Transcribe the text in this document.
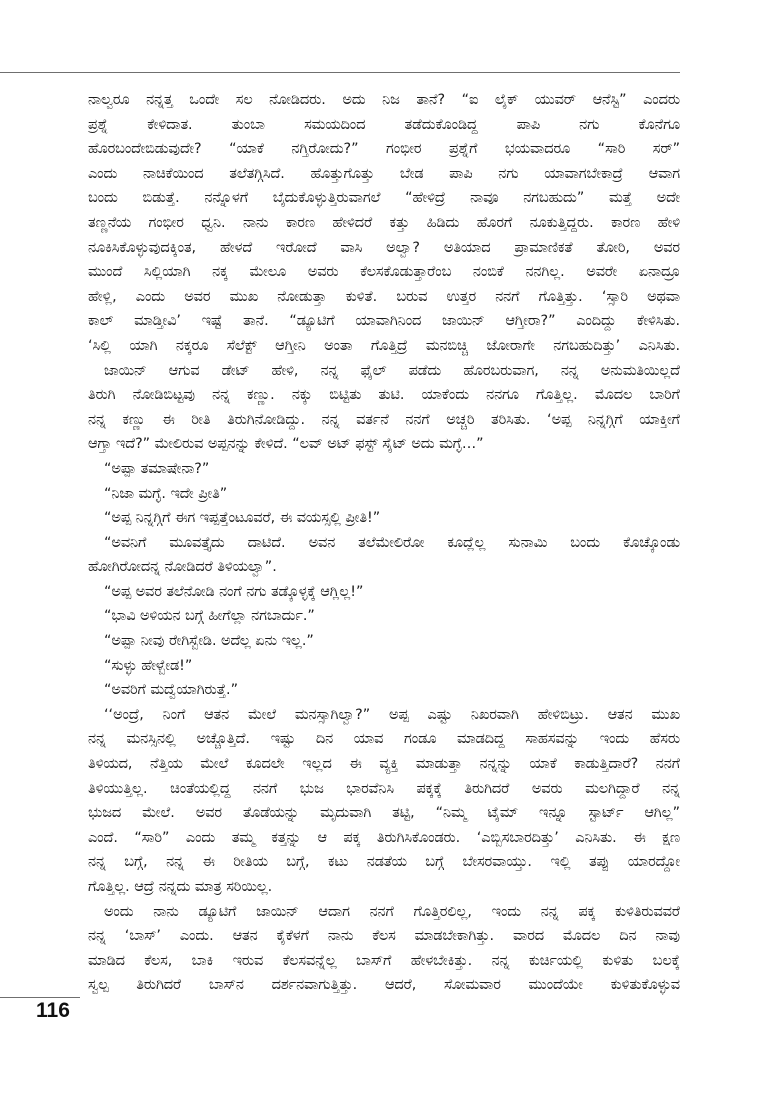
ನಾಲ್ವರೂ ನನ್ನತ್ತ ಒಂದೇ ಸಲ ನೋಡಿದರು. ಅದು ನಿಜ ತಾನೆ? “ಐ ಲೈಕ್ ಯುವರ್ ಆನೆಸ್ಟಿ” ಎಂದರು
ಪ್ರಶ್ನೆ ಕೇಳಿದಾತ. ತುಂಬಾ ಸಮಯದಿಂದ ತಡೆದುಕೊಂಡಿದ್ದ ಪಾಪಿ ನಗು ಕೊನೆಗೂ
ಹೊರಬಂದೇಬಿಡುವುದೇ? “ಯಾಕೆ ನಗ್ತಿರೋದು?” ಗಂಭೀರ ಪ್ರಶ್ನೆಗೆ ಭಯವಾದರೂ “ಸಾರಿ ಸರ್”
ಎಂದು ನಾಚಿಕೆಯಿಂದ ತಲೆತಗ್ಗಿಸಿದೆ. ಹೊತ್ತುಗೊತ್ತು ಬೇಡ ಪಾಪಿ ನಗು ಯಾವಾಗಬೇಕಾದ್ರೆ ಆವಾಗ
ಬಂದು ಬಿಡುತ್ತೆ. ನನ್ನೊಳಗೆ ಬೈದುಕೊಳ್ಳುತ್ತಿರುವಾಗಲೆ “ಹೇಳಿದ್ರೆ ನಾವೂ ನಗಬಹುದು” ಮತ್ತೆ ಅದೇ
ತಣ್ಣನೆಯ ಗಂಭೀರ ಧ್ವನಿ. ನಾನು ಕಾರಣ ಹೇಳಿದರೆ ಕತ್ತು ಹಿಡಿದು ಹೊರಗೆ ನೂಕುತ್ತಿದ್ದರು. ಕಾರಣ ಹೇಳಿ
ನೂಕಿಸಿಕೊಳ್ಳುವುದಕ್ಕಿಂತ, ಹೇಳದೆ ಇರೋದೆ ವಾಸಿ ಅಲ್ವಾ? ಅತಿಯಾದ ಪ್ರಾಮಾಣಿಕತೆ ತೋರಿ, ಅವರ
ಮುಂದೆ ಸಿಲ್ಲಿಯಾಗಿ ನಕ್ಕ ಮೇಲೂ ಅವರು ಕೆಲಸಕೊಡುತ್ತಾರೆಂಬ ನಂಬಿಕೆ ನನಗಿಲ್ಲ. ಅವರೇ ಏನಾದ್ರೂ
ಹೇಳ್ಲಿ, ಎಂದು ಅವರ ಮುಖ ನೋಡುತ್ತಾ ಕುಳಿತೆ. ಬರುವ ಉತ್ತರ ನನಗೆ ಗೊತ್ತಿತ್ತು. ‘ಸ್ಸಾರಿ ಅಥವಾ
ಕಾಲ್ ಮಾಡ್ತೀವಿ’ ಇಷ್ಟೆ ತಾನೆ. “ಡ್ಯೂಟಿಗೆ ಯಾವಾಗಿನಿಂದ ಜಾಯಿನ್ ಆಗ್ತೀರಾ?” ಎಂದಿದ್ದು ಕೇಳಿಸಿತು.
‘ಸಿಲ್ಲಿ ಯಾಗಿ ನಕ್ಕರೂ ಸೆಲೆಕ್ಟ್ ಆಗ್ತೀನಿ ಅಂತಾ ಗೊತ್ತಿದ್ರೆ ಮನಬಿಚ್ಚಿ ಜೋರಾಗೇ ನಗಬಹುದಿತ್ತು’ ಎನಿಸಿತು.
ಜಾಯಿನ್ ಆಗುವ ಡೇಟ್ ಹೇಳಿ, ನನ್ನ ಫೈಲ್ ಪಡೆದು ಹೊರಬರುವಾಗ, ನನ್ನ ಅನುಮತಿಯಿಲ್ಲದೆ
ತಿರುಗಿ ನೋಡಿಬಿಟ್ಟವು ನನ್ನ ಕಣ್ಣು. ನಕ್ಕು ಬಿಟ್ಟಿತು ತುಟಿ. ಯಾಕೆಂದು ನನಗೂ ಗೊತ್ತಿಲ್ಲ. ಮೊದಲ ಬಾರಿಗೆ
ನನ್ನ ಕಣ್ಣು ಈ ರೀತಿ ತಿರುಗಿನೋಡಿದ್ದು. ನನ್ನ ವರ್ತನೆ ನನಗೆ ಅಚ್ಚರಿ ತರಿಸಿತು. ‘ಅಪ್ಪ ನಿನ್ನಗ್ಗಿಗೆ ಯಾಕ್ತೀಗೆ
ಆಗ್ತಾ ಇದೆ?” ಮೇಲಿರುವ ಅಪ್ಪನನ್ನು ಕೇಳಿದೆ. “ಲವ್ ಅಟ್ ಫಸ್ಟ್ ಸೈಟ್ ಅದು ಮಗ್ಳೆ…”
“ಅಪ್ಪಾ ತಮಾಷೇನಾ?”
“ನಿಜಾ ಮಗ್ಳೆ. ಇದೇ ಪ್ರೀತಿ”
“ಅಪ್ಪ ನಿನ್ನಗ್ಗಿಗೆ ಈಗ ಇಪ್ಪತ್ತೆಂಟೂವರೆ, ಈ ವಯಸ್ಸಲ್ಲಿ ಪ್ರೀತಿ!”
“ಅವನಿಗೆ ಮೂವತ್ತೈದು ದಾಟಿದೆ. ಅವನ ತಲೆಮೇಲಿರೋ ಕೂದ್ಲೆಲ್ಲ ಸುನಾಮಿ ಬಂದು ಕೊಚ್ಕೊಂಡು
ಹೋಗಿರೋದನ್ನ ನೋಡಿದರೆ ತಿಳಿಯಲ್ವಾ”.
“ಅಪ್ಪ ಅವರ ತಲೆನೋಡಿ ನಂಗೆ ನಗು ತಡ್ಕೊಳ್ಳಕ್ಕೆ ಆಗ್ಲಿಲ್ಲ!”
“ಭಾವಿ ಅಳಿಯನ ಬಗ್ಗೆ ಹೀಗೆಲ್ಲಾ ನಗಬಾರ್ದು.”
“ಅಪ್ಪಾ ನೀವು ರೇಗಿಸ್ಬೇಡಿ. ಅದೆಲ್ಲ ಏನು ಇಲ್ಲ.”
“ಸುಳ್ಳು ಹೇಳ್ಬೇಡ!”
“ಅವರಿಗೆ ಮದ್ವೆಯಾಗಿರುತ್ತೆ.”
‘‘ಅಂದ್ರೆ, ನಿಂಗೆ ಆತನ ಮೇಲೆ ಮನಸ್ಸಾಗಿಲ್ವಾ?” ಅಪ್ಪ ಎಷ್ಟು ನಿಖರವಾಗಿ ಹೇಳಿಬಿಟ್ರು. ಆತನ ಮುಖ
ನನ್ನ ಮನಸ್ಸಿನಲ್ಲಿ ಅಚ್ಚೊತ್ತಿದೆ. ಇಷ್ಟು ದಿನ ಯಾವ ಗಂಡೂ ಮಾಡದಿದ್ದ ಸಾಹಸವನ್ನು ಇಂದು ಹೆಸರು
ತಿಳಿಯದ, ನೆತ್ತಿಯ ಮೇಲೆ ಕೂದಲೇ ಇಲ್ಲದ ಈ ವ್ಯಕ್ತಿ ಮಾಡುತ್ತಾ ನನ್ನನ್ನು ಯಾಕೆ ಕಾಡುತ್ತಿದಾರೆ? ನನಗೆ
ತಿಳಿಯುತ್ತಿಲ್ಲ. ಚಿಂತೆಯಲ್ಲಿದ್ದ ನನಗೆ ಭುಜ ಭಾರವೆನಿಸಿ ಪಕ್ಕಕ್ಕೆ ತಿರುಗಿದರೆ ಅವರು ಮಲಗಿದ್ದಾರೆ ನನ್ನ
ಭುಜದ ಮೇಲೆ. ಅವರ ತೊಡೆಯನ್ನು ಮೃದುವಾಗಿ ತಟ್ಟಿ, “ನಿಮ್ಮ ಟೈಮ್ ಇನ್ನೂ ಸ್ಟಾರ್ಟ್ ಆಗಿಲ್ಲ”
ಎಂದೆ. “ಸಾರಿ” ಎಂದು ತಮ್ಮ ಕತ್ತನ್ನು ಆ ಪಕ್ಕ ತಿರುಗಿಸಿಕೊಂಡರು. ‘ಎಬ್ಬಿಸಬಾರದಿತ್ತು’ ಎನಿಸಿತು. ಈ ಕ್ಷಣ
ನನ್ನ ಬಗ್ಗೆ, ನನ್ನ ಈ ರೀತಿಯ ಬಗ್ಗೆ, ಕಟು ನಡತೆಯ ಬಗ್ಗೆ ಬೇಸರವಾಯ್ತು. ಇಲ್ಲಿ ತಪ್ಪು ಯಾರದ್ದೋ
ಗೊತ್ತಿಲ್ಲ. ಆದ್ರೆ ನನ್ನದು ಮಾತ್ರ ಸರಿಯಿಲ್ಲ.
ಅಂದು ನಾನು ಡ್ಯೂಟಿಗೆ ಜಾಯಿನ್ ಆದಾಗ ನನಗೆ ಗೊತ್ತಿರಲಿಲ್ಲ, ಇಂದು ನನ್ನ ಪಕ್ಕ ಕುಳಿತಿರುವವರೆ
ನನ್ನ ‘ಬಾಸ್’ ಎಂದು. ಆತನ ಕೈಕೆಳಗೆ ನಾನು ಕೆಲಸ ಮಾಡಬೇಕಾಗಿತ್ತು. ವಾರದ ಮೊದಲ ದಿನ ನಾವು
ಮಾಡಿದ ಕೆಲಸ, ಬಾಕಿ ಇರುವ ಕೆಲಸವನ್ನೆಲ್ಲ ಬಾಸ್‌ಗೆ ಹೇಳಬೇಕಿತ್ತು. ನನ್ನ ಕುರ್ಚಿಯಲ್ಲಿ ಕುಳಿತು ಬಲಕ್ಕೆ
ಸ್ವಲ್ಪ ತಿರುಗಿದರೆ ಬಾಸ್‌ನ ದರ್ಶನವಾಗುತ್ತಿತ್ತು. ಆದರೆ, ಸೋಮವಾರ ಮುಂದೆಯೇ ಕುಳಿತುಕೊಳ್ಳುವ
116
